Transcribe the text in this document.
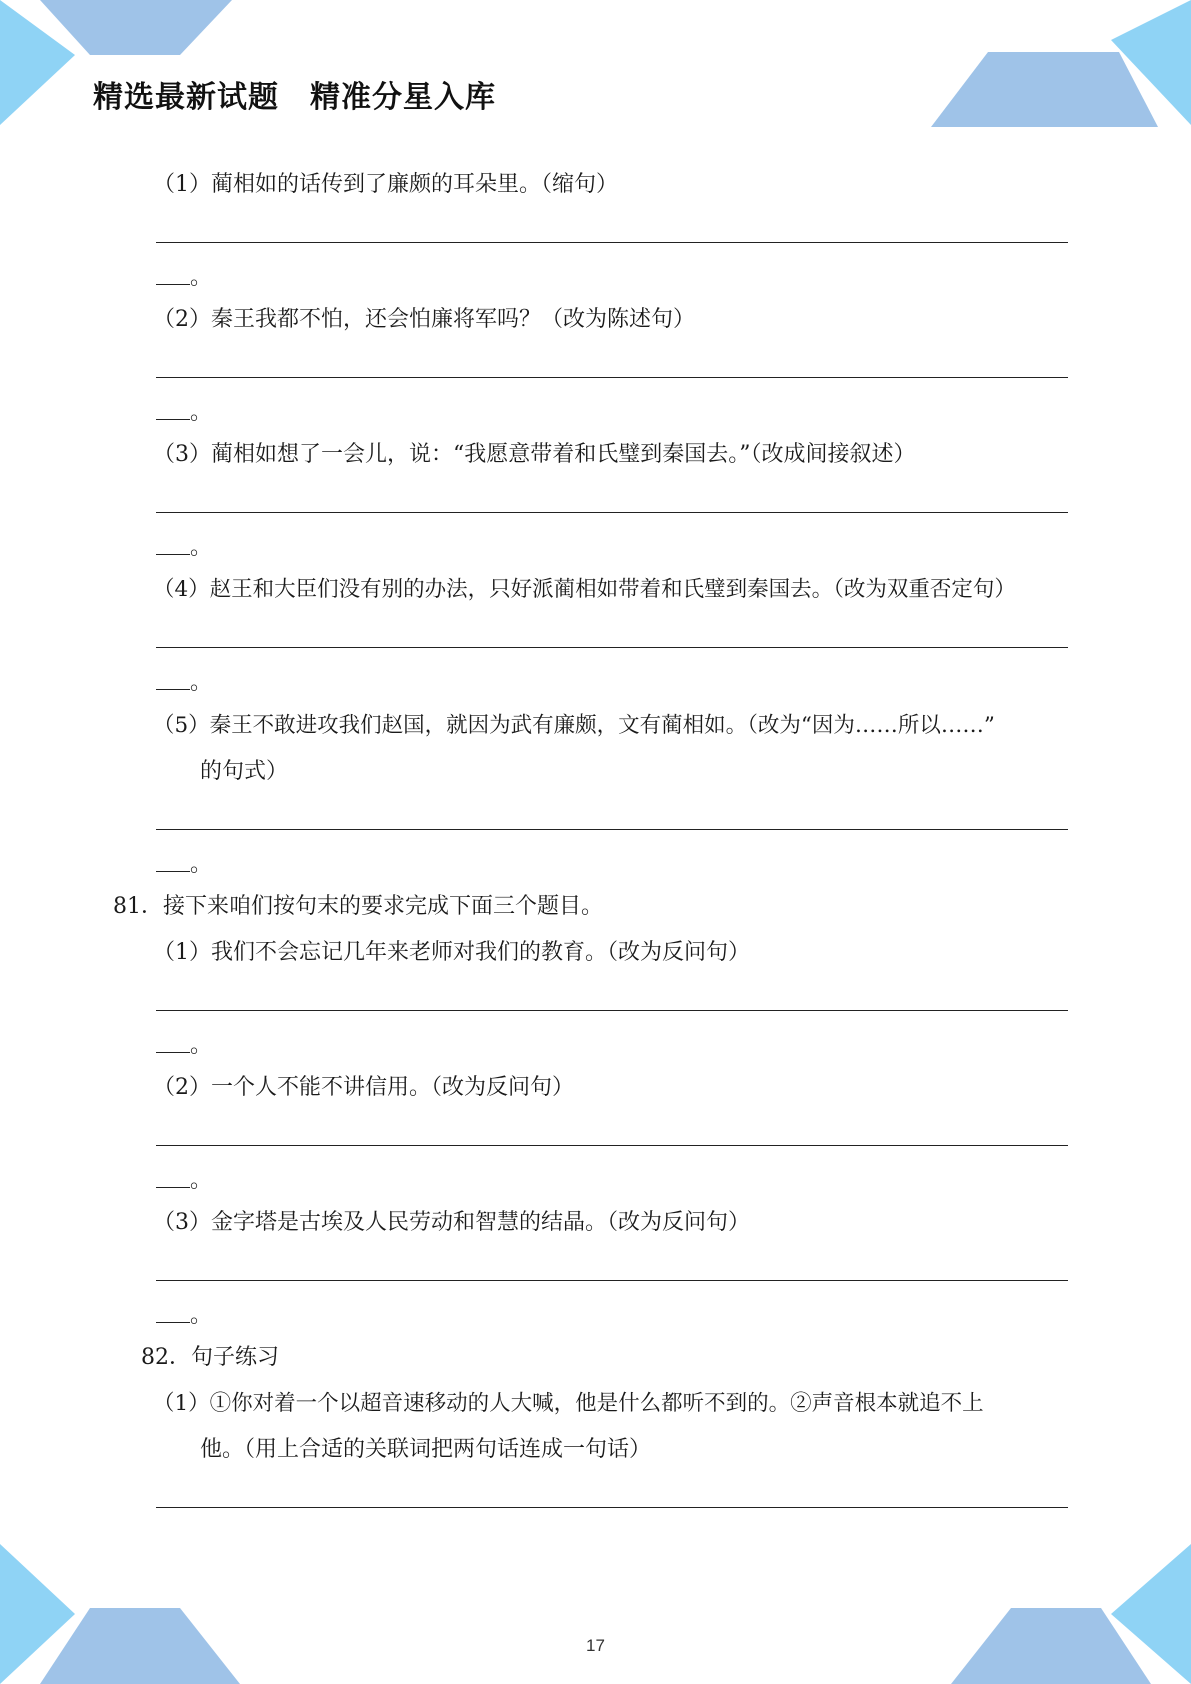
精选最新试题　精准分星入库
（1）蔺相如的话传到了廉颇的耳朵里。（缩句）
。
（2）秦王我都不怕，还会怕廉将军吗？（改为陈述句）
。
（3）蔺相如想了一会儿，说：“我愿意带着和氏璧到秦国去。”（改成间接叙述）
。
（4）赵王和大臣们没有别的办法，只好派蔺相如带着和氏璧到秦国去。（改为双重否定句）
。
（5）秦王不敢进攻我们赵国，就因为武有廉颇，文有蔺相如。（改为“因为……所以……”
的句式）
。
81．接下来咱们按句末的要求完成下面三个题目。
（1）我们不会忘记几年来老师对我们的教育。（改为反问句）
。
（2）一个人不能不讲信用。（改为反问句）
。
（3）金字塔是古埃及人民劳动和智慧的结晶。（改为反问句）
。
82．句子练习
（1）①你对着一个以超音速移动的人大喊，他是什么都听不到的。②声音根本就追不上
他。（用上合适的关联词把两句话连成一句话）
17
